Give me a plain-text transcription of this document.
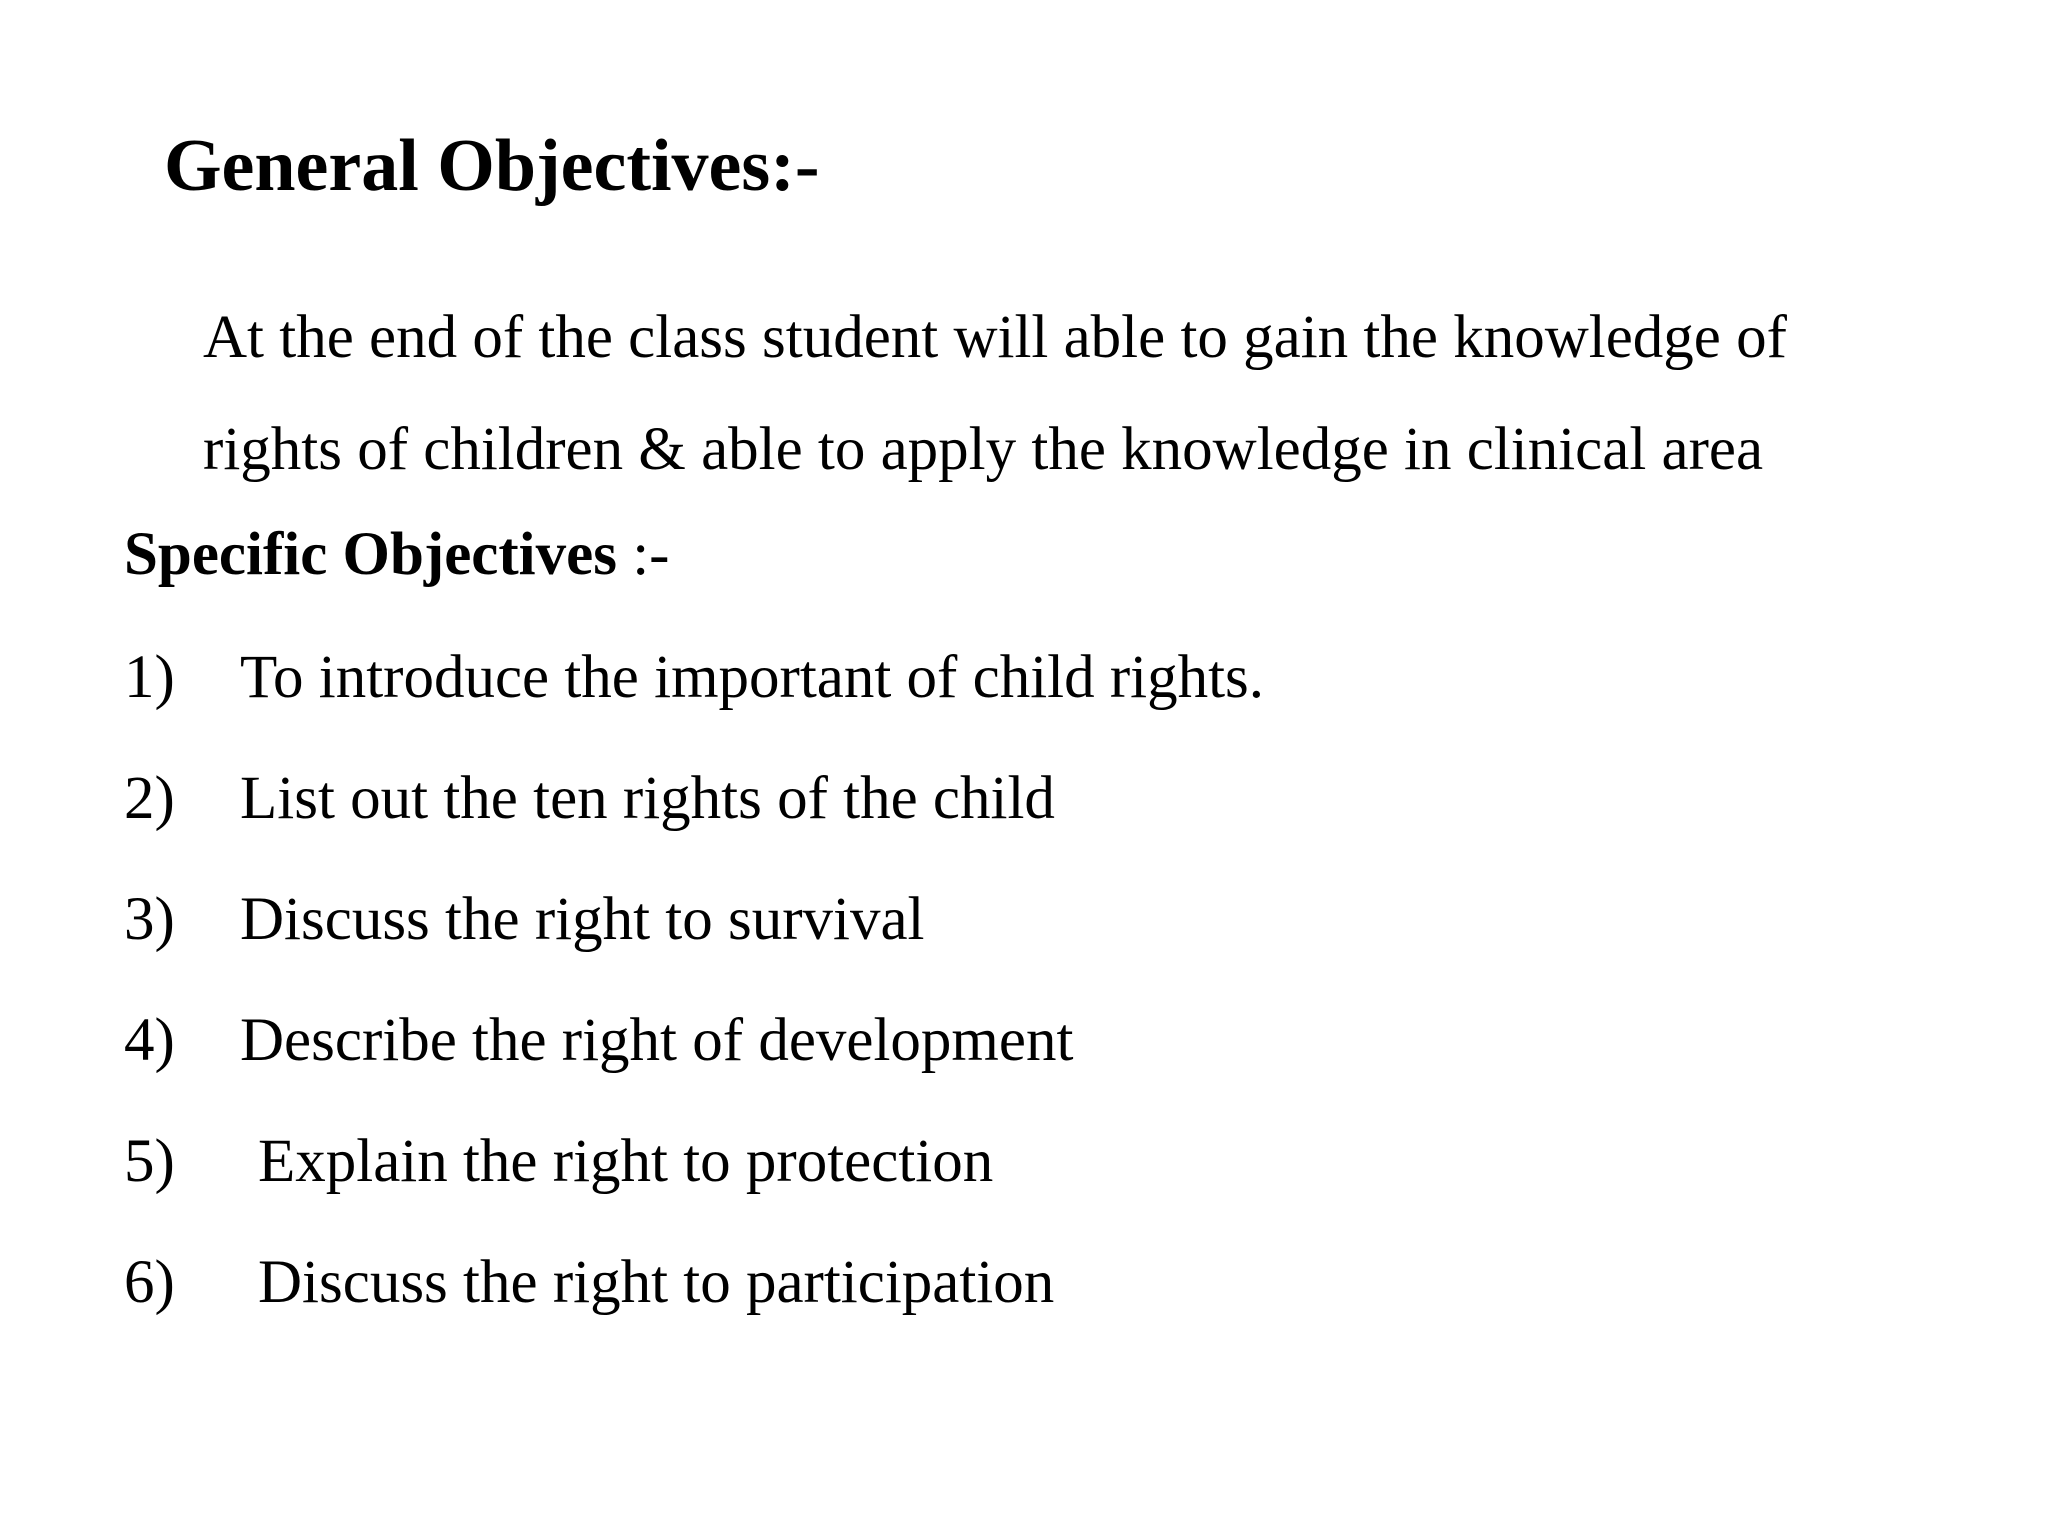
General Objectives:-
At the end of the class student will able to gain the knowledge of
rights of children & able to apply the knowledge in clinical area
Specific Objectives :-
1) To introduce the important of child rights.
2) List out the ten rights of the child
3) Discuss the right to survival
4) Describe the right of development
5) Explain the right to protection
6) Discuss the right to participation
